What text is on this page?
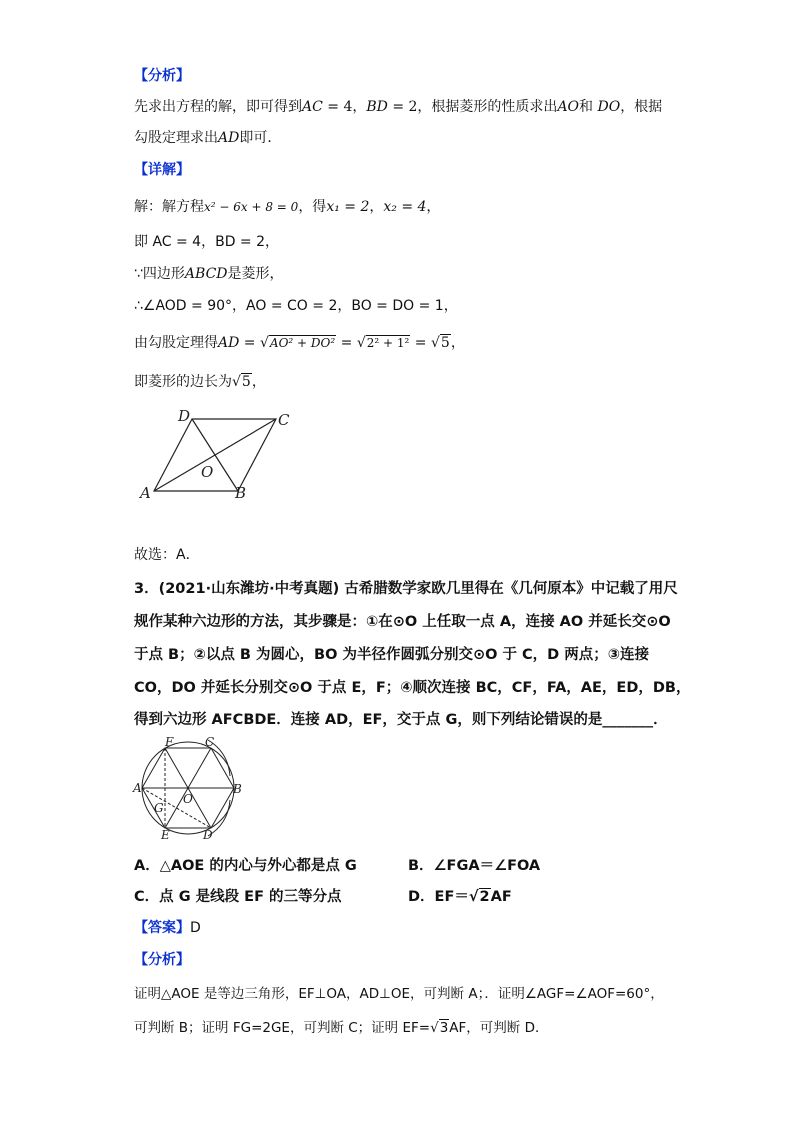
【分析】
先求出方程的解，即可得到AC = 4，BD = 2，根据菱形的性质求出AO和 DO，根据
勾股定理求出AD即可．
【详解】
解：解方程x² − 6x + 8 = 0，得x₁ = 2，x₂ = 4，
即 AC = 4，BD = 2，
∵四边形ABCD是菱形，
∴∠AOD = 90°，AO = CO = 2，BO = DO = 1，
由勾股定理得AD = √AO² + DO² = √2² + 1² = √5，
即菱形的边长为√5，
D	C
O
A	B
故选：A．
3．(2021·山东潍坊·中考真题) 古希腊数学家欧几里得在《几何原本》中记载了用尺
规作某种六边形的方法，其步骤是：①在⊙O 上任取一点 A，连接 AO 并延长交⊙O
于点 B；②以点 B 为圆心，BO 为半径作圆弧分别交⊙O 于 C，D 两点；③连接
CO，DO 并延长分别交⊙O 于点 E，F；④顺次连接 BC，CF，FA，AE，ED，DB，
得到六边形 AFCBDE．连接 AD，EF，交于点 G，则下列结论错误的是_______．
F	C
A	B
G
O
E	D
A．△AOE 的内心与外心都是点 G	B．∠FGA＝∠FOA
C．点 G 是线段 EF 的三等分点	D．EF＝√2AF
【答案】D
【分析】
证明△AOE 是等边三角形，EF⊥OA，AD⊥OE，可判断 A；．证明∠AGF=∠AOF=60°，
可判断 B；证明 FG=2GE，可判断 C；证明 EF=√3AF，可判断 D．
